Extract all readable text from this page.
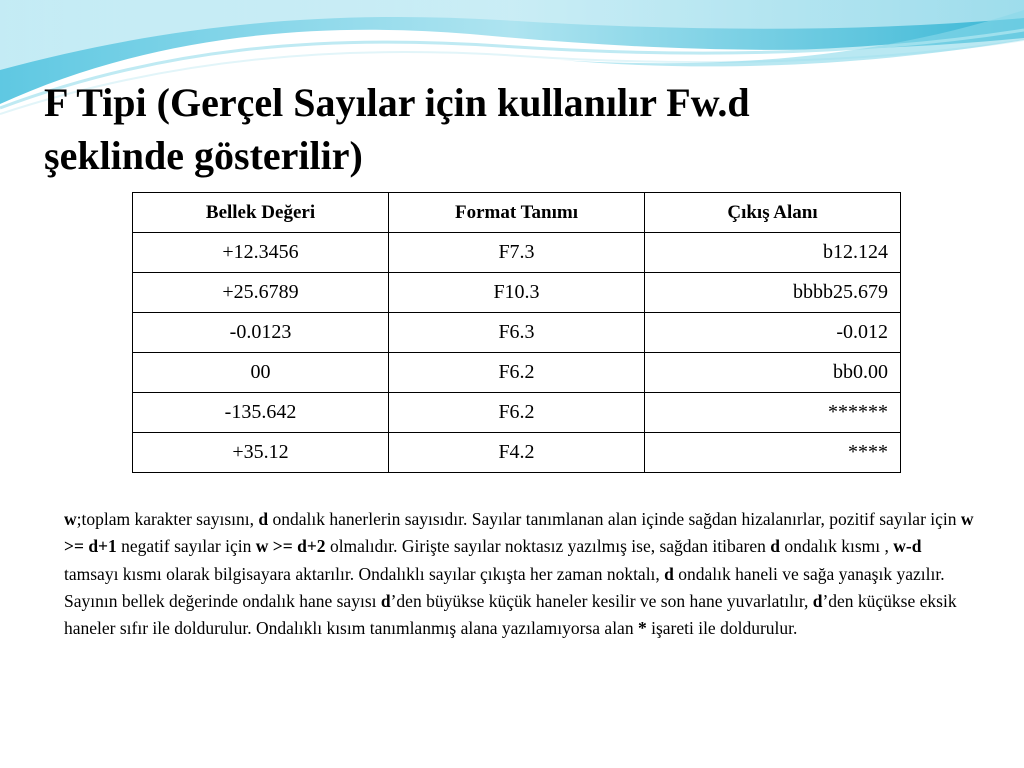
F Tipi (Gerçel Sayılar için kullanılır Fw.d
şeklinde gösterilir)
Bellek Değeri	Format Tanımı	Çıkış Alanı
+12.3456	F7.3	b12.124
+25.6789	F10.3	bbbb25.679
-0.0123	F6.3	-0.012
00	F6.2	bb0.00
-135.642	F6.2	******
+35.12	F4.2	****

w;toplam karakter sayısını, d ondalık hanerlerin sayısıdır. Sayılar tanımlanan alan içinde sağdan hizalanırlar, pozitif sayılar için w >= d+1 negatif sayılar için w >= d+2 olmalıdır. Girişte sayılar noktasız yazılmış ise, sağdan itibaren d ondalık kısmı , w-d tamsayı kısmı olarak bilgisayara aktarılır. Ondalıklı sayılar çıkışta her zaman noktalı, d ondalık haneli ve sağa yanaşık yazılır. Sayının bellek değerinde ondalık hane sayısı d’den büyükse küçük haneler kesilir ve son hane yuvarlatılır, d’den küçükse eksik haneler sıfır ile doldurulur. Ondalıklı kısım tanımlanmış alana yazılamıyorsa alan * işareti ile doldurulur.
